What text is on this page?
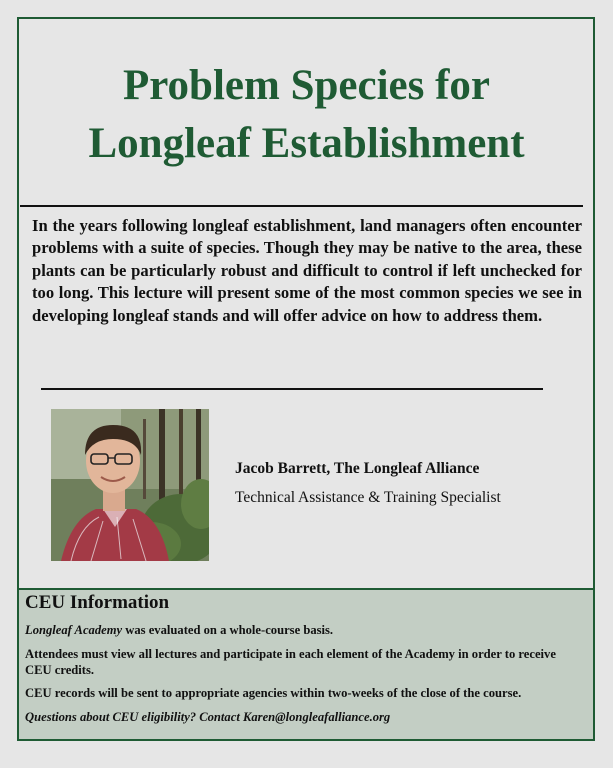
Problem Species for
Longleaf Establishment

In the years following longleaf establishment, land managers often encounter problems with a suite of species. Though they may be native to the area, these plants can be particularly robust and difficult to control if left unchecked for too long. This lecture will present some of the most common species we see in developing longleaf stands and will offer advice on how to address them.

Jacob Barrett, The Longleaf Alliance
Technical Assistance & Training Specialist
CEU Information

Longleaf Academy was evaluated on a whole-course basis.

Attendees must view all lectures and participate in each element of the Academy in order to receive CEU credits.

CEU records will be sent to appropriate agencies within two-weeks of the close of the course.

Questions about CEU eligibility? Contact Karen@longleafalliance.org
